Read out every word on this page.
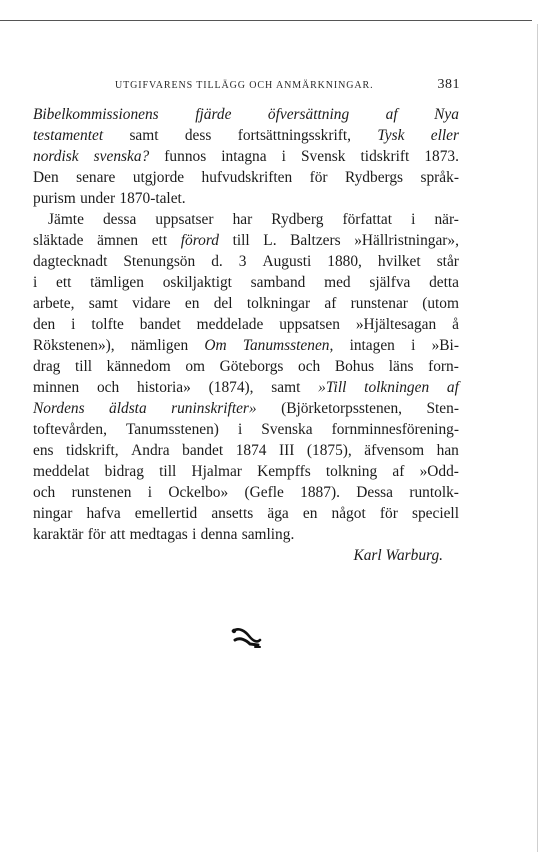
UTGIFVARENS TILLÄGG OCH ANMÄRKNINGAR.	381
Bibelkommissionens fjärde öfversättning af Nya
testamentet samt dess fortsättningsskrift, Tysk eller
nordisk svenska? funnos intagna i Svensk tidskrift 1873.
Den senare utgjorde hufvudskriften för Rydbergs språk-
purism under 1870-talet.
Jämte dessa uppsatser har Rydberg författat i när-
släktade ämnen ett förord till L. Baltzers »Hällristningar»,
dagtecknadt Stenungsön d. 3 Augusti 1880, hvilket står
i ett tämligen oskiljaktigt samband med själfva detta
arbete, samt vidare en del tolkningar af runstenar (utom
den i tolfte bandet meddelade uppsatsen »Hjältesagan å
Rökstenen»), nämligen Om Tanumsstenen, intagen i »Bi-
drag till kännedom om Göteborgs och Bohus läns forn-
minnen och historia» (1874), samt »Till tolkningen af
Nordens äldsta runinskrifter» (Björketorpsstenen, Sten-
toftevården, Tanumsstenen) i Svenska fornminnesförening-
ens tidskrift, Andra bandet 1874 III (1875), äfvensom han
meddelat bidrag till Hjalmar Kempffs tolkning af »Odd-
och runstenen i Ockelbo» (Gefle 1887). Dessa runtolk-
ningar hafva emellertid ansetts äga en något för speciell
karaktär för att medtagas i denna samling.
Karl Warburg.
